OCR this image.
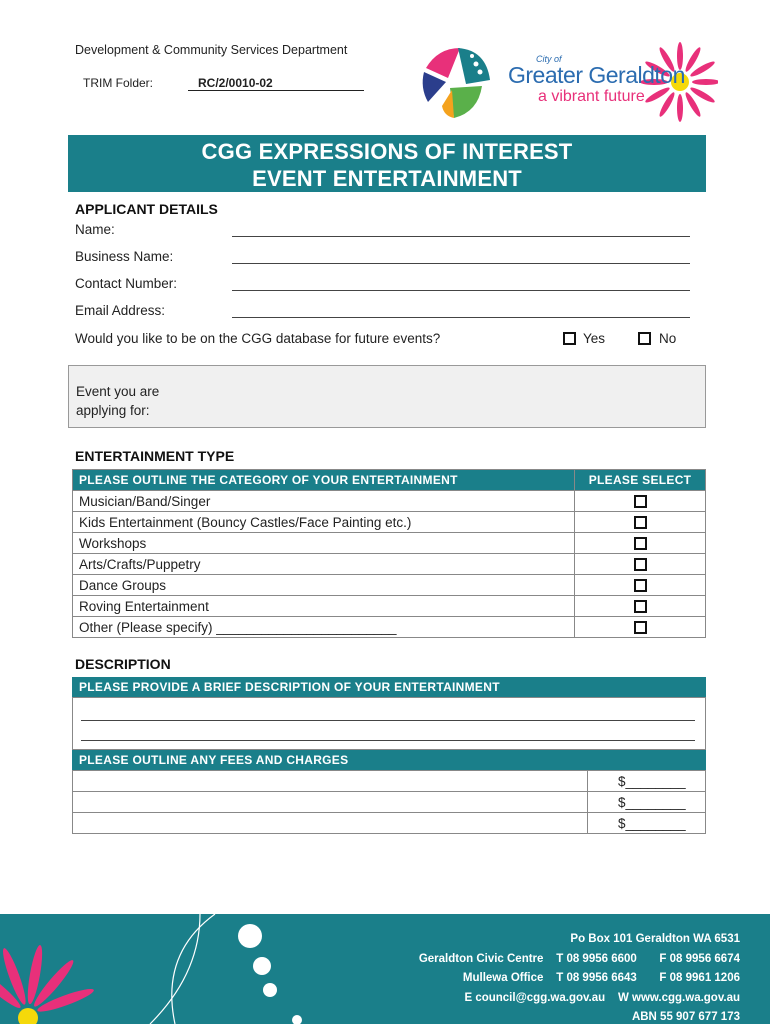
Development & Community Services Department
TRIM Folder:	RC/2/0010-02
City of
Greater Geraldton
a vibrant future
CGG EXPRESSIONS OF INTEREST
EVENT ENTERTAINMENT
APPLICANT DETAILS
Name:
Business Name:
Contact Number:
Email Address:
Would you like to be on the CGG database for future events?	Yes	No
Event you are
applying for:
ENTERTAINMENT TYPE
PLEASE OUTLINE THE CATEGORY OF YOUR ENTERTAINMENT	PLEASE SELECT
Musician/Band/Singer	
Kids Entertainment (Bouncy Castles/Face Painting etc.)	
Workshops	
Arts/Crafts/Puppetry	
Dance Groups	
Roving Entertainment	
Other (Please specify) ________________________	
DESCRIPTION
PLEASE PROVIDE A BRIEF DESCRIPTION OF YOUR ENTERTAINMENT
PLEASE OUTLINE ANY FEES AND CHARGES
	$________
	$________
	$________
Po Box 101 Geraldton WA 6531
Geraldton Civic Centre T 08 9956 6600 F 08 9956 6674
Mullewa Office T 08 9956 6643 F 08 9961 1206
E council@cgg.wa.gov.au W www.cgg.wa.gov.au
ABN 55 907 677 173
